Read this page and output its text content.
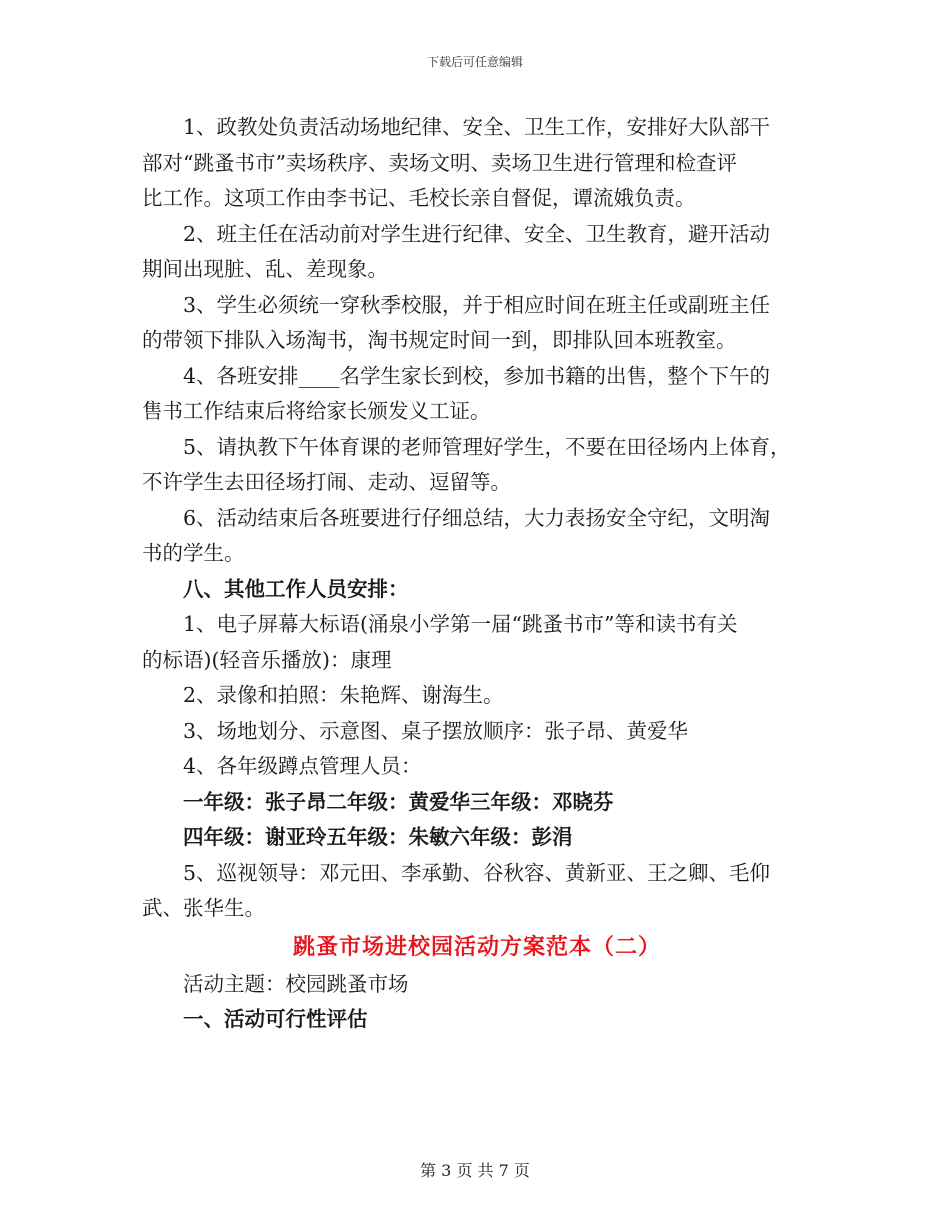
下载后可任意编辑

1、政教处负责活动场地纪律、安全、卫生工作，安排好大队部干

部对“跳蚤书市”卖场秩序、卖场文明、卖场卫生进行管理和检查评

比工作。这项工作由李书记、毛校长亲自督促，谭流娥负责。

2、班主任在活动前对学生进行纪律、安全、卫生教育，避开活动

期间出现脏、乱、差现象。

3、学生必须统一穿秋季校服，并于相应时间在班主任或副班主任

的带领下排队入场淘书，淘书规定时间一到，即排队回本班教室。

4、各班安排____名学生家长到校，参加书籍的出售，整个下午的

售书工作结束后将给家长颁发义工证。

5、请执教下午体育课的老师管理好学生，不要在田径场内上体育，

不许学生去田径场打闹、走动、逗留等。

6、活动结束后各班要进行仔细总结，大力表扬安全守纪，文明淘

书的学生。

八、其他工作人员安排：

1、电子屏幕大标语(涌泉小学第一届“跳蚤书市”等和读书有关

的标语)(轻音乐播放)：康理

2、录像和拍照：朱艳辉、谢海生。

3、场地划分、示意图、桌子摆放顺序：张子昂、黄爱华

4、各年级蹲点管理人员：

一年级：张子昂二年级：黄爱华三年级：邓晓芬

四年级：谢亚玲五年级：朱敏六年级：彭涓

5、巡视领导：邓元田、李承勤、谷秋容、黄新亚、王之卿、毛仰

武、张华生。

跳蚤市场进校园活动方案范本（二）

活动主题：校园跳蚤市场

一、活动可行性评估

第 3 页 共 7 页
